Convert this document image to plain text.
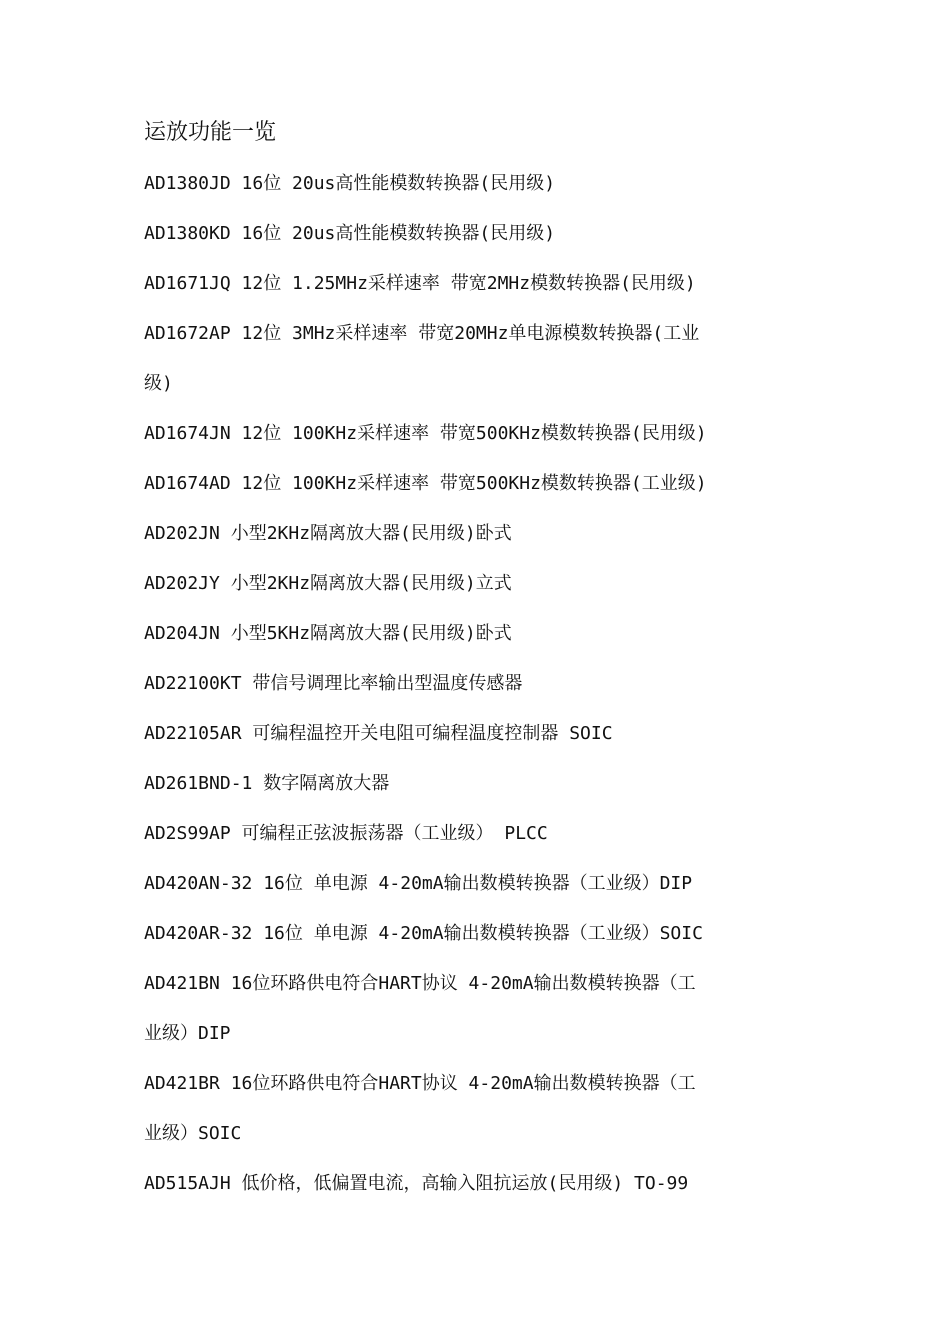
运放功能一览

AD1380JD 16位 20us高性能模数转换器(民用级)

AD1380KD 16位 20us高性能模数转换器(民用级)

AD1671JQ 12位 1.25MHz采样速率 带宽2MHz模数转换器(民用级)

AD1672AP 12位 3MHz采样速率 带宽20MHz单电源模数转换器(工业

级)

AD1674JN 12位 100KHz采样速率 带宽500KHz模数转换器(民用级)

AD1674AD 12位 100KHz采样速率 带宽500KHz模数转换器(工业级)

AD202JN 小型2KHz隔离放大器(民用级)卧式

AD202JY 小型2KHz隔离放大器(民用级)立式

AD204JN 小型5KHz隔离放大器(民用级)卧式

AD22100KT 带信号调理比率输出型温度传感器

AD22105AR 可编程温控开关电阻可编程温度控制器 SOIC

AD261BND-1 数字隔离放大器

AD2S99AP 可编程正弦波振荡器（工业级） PLCC

AD420AN-32 16位 单电源 4-20mA输出数模转换器（工业级）DIP

AD420AR-32 16位 单电源 4-20mA输出数模转换器（工业级）SOIC

AD421BN 16位环路供电符合HART协议 4-20mA输出数模转换器（工

业级）DIP

AD421BR 16位环路供电符合HART协议 4-20mA输出数模转换器（工

业级）SOIC

AD515AJH 低价格，低偏置电流，高输入阻抗运放(民用级) TO-99
